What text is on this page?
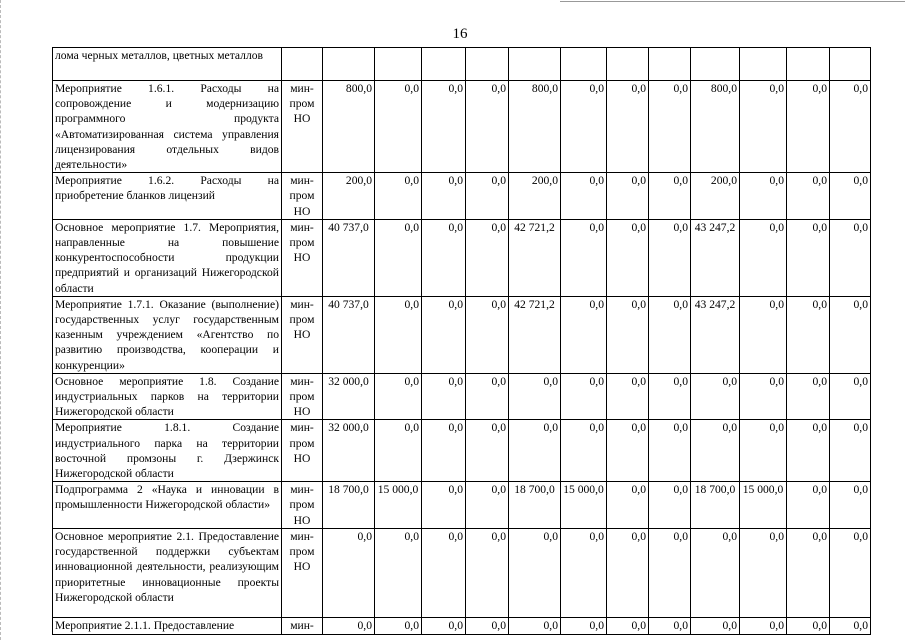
16
лома черных металлов, цветных металлов													
Мероприятие 1.6.1. Расходы на сопровождение и модернизацию программного продукта «Автоматизированная система управления лицензирования отдельных видов деятельности»	мин-пром НО	800,0	0,0	0,0	0,0	800,0	0,0	0,0	0,0	800,0	0,0	0,0	0,0
Мероприятие 1.6.2. Расходы на приобретение бланков лицензий	мин-пром НО	200,0	0,0	0,0	0,0	200,0	0,0	0,0	0,0	200,0	0,0	0,0	0,0
Основное мероприятие 1.7. Мероприятия, направленные на повышение конкурентоспособности продукции предприятий и организаций Нижегородской области	мин-пром НО	40 737,0	0,0	0,0	0,0	42 721,2	0,0	0,0	0,0	43 247,2	0,0	0,0	0,0
Мероприятие 1.7.1. Оказание (выполнение) государственных услуг государственным казенным учреждением «Агентство по развитию производства, кооперации и конкуренции»	мин-пром НО	40 737,0	0,0	0,0	0,0	42 721,2	0,0	0,0	0,0	43 247,2	0,0	0,0	0,0
Основное мероприятие 1.8. Создание индустриальных парков на территории Нижегородской области	мин-пром НО	32 000,0	0,0	0,0	0,0	0,0	0,0	0,0	0,0	0,0	0,0	0,0	0,0
Мероприятие 1.8.1. Создание индустриального парка на территории восточной промзоны г. Дзержинск Нижегородской области	мин-пром НО	32 000,0	0,0	0,0	0,0	0,0	0,0	0,0	0,0	0,0	0,0	0,0	0,0
Подпрограмма 2 «Наука и инновации в промышленности Нижегородской области»	мин-пром НО	18 700,0	15 000,0	0,0	0,0	18 700,0	15 000,0	0,0	0,0	18 700,0	15 000,0	0,0	0,0
Основное мероприятие 2.1. Предоставление государственной поддержки субъектам инновационной деятельности, реализующим приоритетные инновационные проекты Нижегородской области	мин-пром НО	0,0	0,0	0,0	0,0	0,0	0,0	0,0	0,0	0,0	0,0	0,0	0,0
Мероприятие 2.1.1. Предоставление	мин-	0,0	0,0	0,0	0,0	0,0	0,0	0,0	0,0	0,0	0,0	0,0	0,0
